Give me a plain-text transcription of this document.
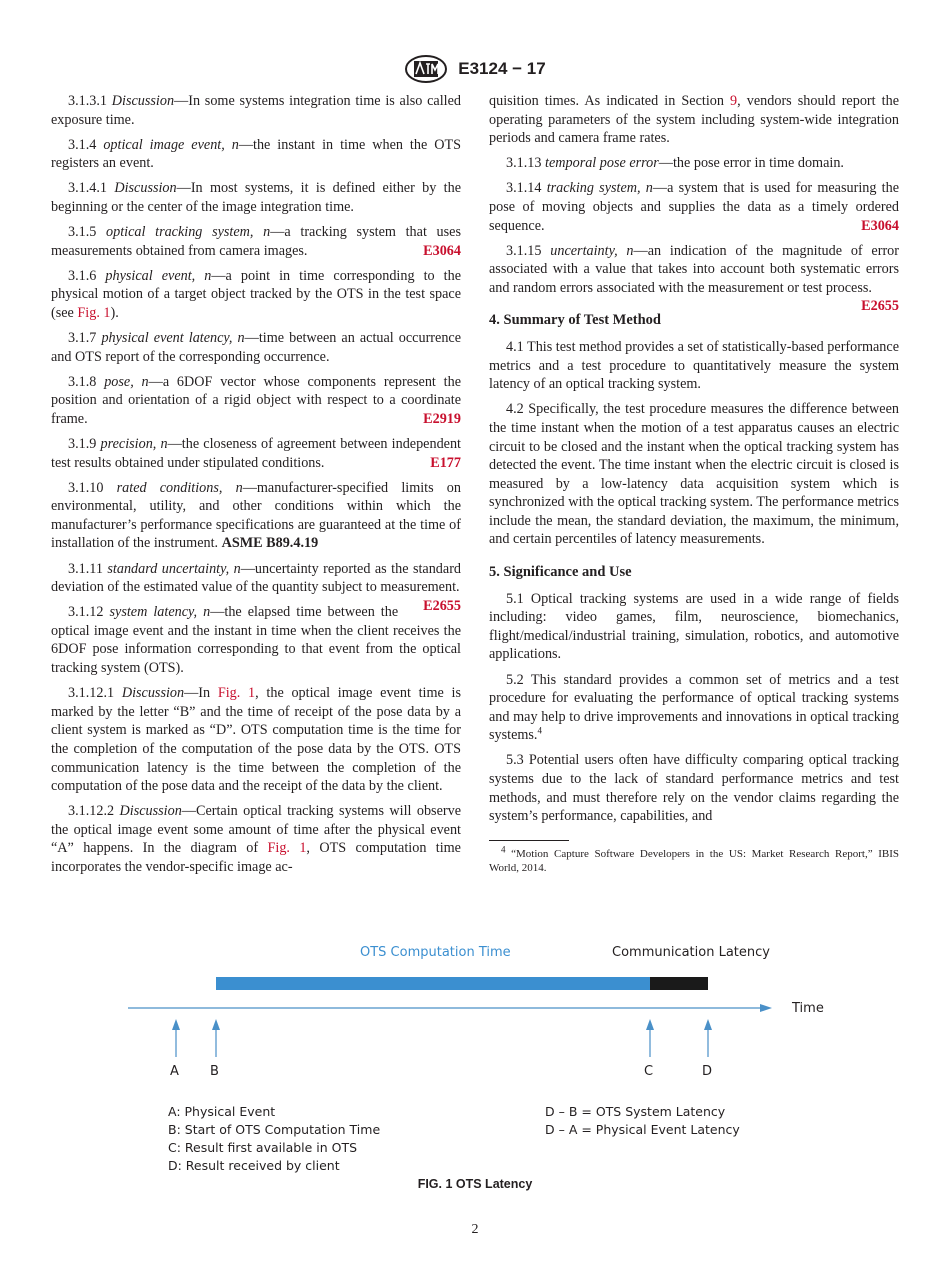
E3124 − 17

3.1.3.1 Discussion—In some systems integration time is also called exposure time.

3.1.4 optical image event, n—the instant in time when the OTS registers an event.

3.1.4.1 Discussion—In most systems, it is defined either by the beginning or the center of the image integration time.

3.1.5 optical tracking system, n—a tracking system that uses measurements obtained from camera images.	E3064

3.1.6 physical event, n—a point in time corresponding to the physical motion of a target object tracked by the OTS in the test space (see Fig. 1).

3.1.7 physical event latency, n—time between an actual occurrence and OTS report of the corresponding occurrence.

3.1.8 pose, n—a 6DOF vector whose components represent the position and orientation of a rigid object with respect to a coordinate frame.	E2919

3.1.9 precision, n—the closeness of agreement between independent test results obtained under stipulated conditions.	E177

3.1.10 rated conditions, n—manufacturer-specified limits on environmental, utility, and other conditions within which the manufacturer’s performance specifications are guaranteed at the time of installation of the instrument. ASME B89.4.19

3.1.11 standard uncertainty, n—uncertainty reported as the standard deviation of the estimated value of the quantity subject to measurement.
E2655

3.1.12 system latency, n—the elapsed time between the optical image event and the instant in time when the client receives the 6DOF pose information corresponding to that event from the optical tracking system (OTS).

3.1.12.1 Discussion—In Fig. 1, the optical image event time is marked by the letter “B” and the time of receipt of the pose data by a client system is marked as “D”. OTS computation time is the time for the completion of the computation of the pose data by the OTS. OTS communication latency is the time between the completion of the computation of the pose data and the receipt of the data by the client.

3.1.12.2 Discussion—Certain optical tracking systems will observe the optical image event some amount of time after the physical event “A” happens. In the diagram of Fig. 1, OTS computation time incorporates the vendor-specific image ac-

quisition times. As indicated in Section 9, vendors should report the operating parameters of the system including system-wide integration periods and camera frame rates.

3.1.13 temporal pose error—the pose error in time domain.

3.1.14 tracking system, n—a system that is used for measuring the pose of moving objects and supplies the data as a timely ordered sequence.	E3064

3.1.15 uncertainty, n—an indication of the magnitude of error associated with a value that takes into account both systematic errors and random errors associated with the measurement or test process.
E2655

4. Summary of Test Method

4.1 This test method provides a set of statistically-based performance metrics and a test procedure to quantitatively measure the system latency of an optical tracking system.

4.2 Specifically, the test procedure measures the difference between the time instant when the motion of a test apparatus causes an electric circuit to be closed and the instant when the optical tracking system has detected the event. The time instant when the electric circuit is closed is measured by a low-latency data acquisition system which is synchronized with the optical tracking system. The performance metrics include the mean, the standard deviation, the maximum, the minimum, and certain percentiles of latency measurements.

5. Significance and Use

5.1 Optical tracking systems are used in a wide range of fields including: video games, film, neuroscience, biomechanics, flight/medical/industrial training, simulation, robotics, and automotive applications.

5.2 This standard provides a common set of metrics and a test procedure for evaluating the performance of optical tracking systems and may help to drive improvements and innovations in optical tracking systems.$^4$

5.3 Potential users often have difficulty comparing optical tracking systems due to the lack of standard performance metrics and test methods, and must therefore rely on the vendor claims regarding the system’s performance, capabilities, and

$^4$ “Motion Capture Software Developers in the US: Market Research Report,” IBIS World, 2014.
OTS Computation Time	Communication Latency
Time
A B	C	D
A: Physical Event
B: Start of OTS Computation Time
C: Result first available in OTS
D: Result received by client
D – B = OTS System Latency
D – A = Physical Event Latency
FIG. 1 OTS Latency
2
